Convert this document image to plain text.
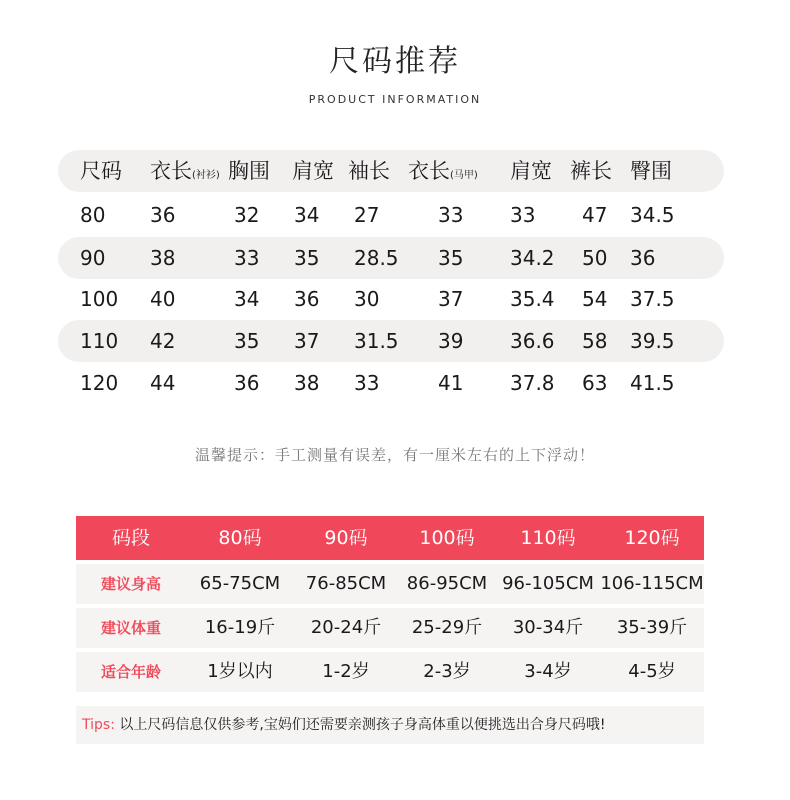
尺码推荐
PRODUCT INFORMATION
尺码 衣长(衬衫) 胸围 肩宽 袖长 衣长(马甲) 肩宽 裤长 臀围
80 36	32 34 27	33 33 47 34.5
90 38	33 35 28.5 35 34.2 50 36
100 40	34 36 30	37 35.4 54 37.5
110 42	35 37 31.5 39 36.6 58 39.5
120 44	36 38 33	41 37.8 63 41.5
温馨提示：手工测量有误差，有一厘米左右的上下浮动！
码段	80码	90码	100码	110码	120码
建议身高	65-75CM	76-85CM	86-95CM 96-105CM 106-115CM
建议体重	16-19斤	20-24斤	25-29斤	30-34斤	35-39斤
适合年龄	1岁以内	1-2岁	2-3岁	3-4岁	4-5岁
Tips: 以上尺码信息仅供参考,宝妈们还需要亲测孩子身高体重以便挑选出合身尺码哦!
